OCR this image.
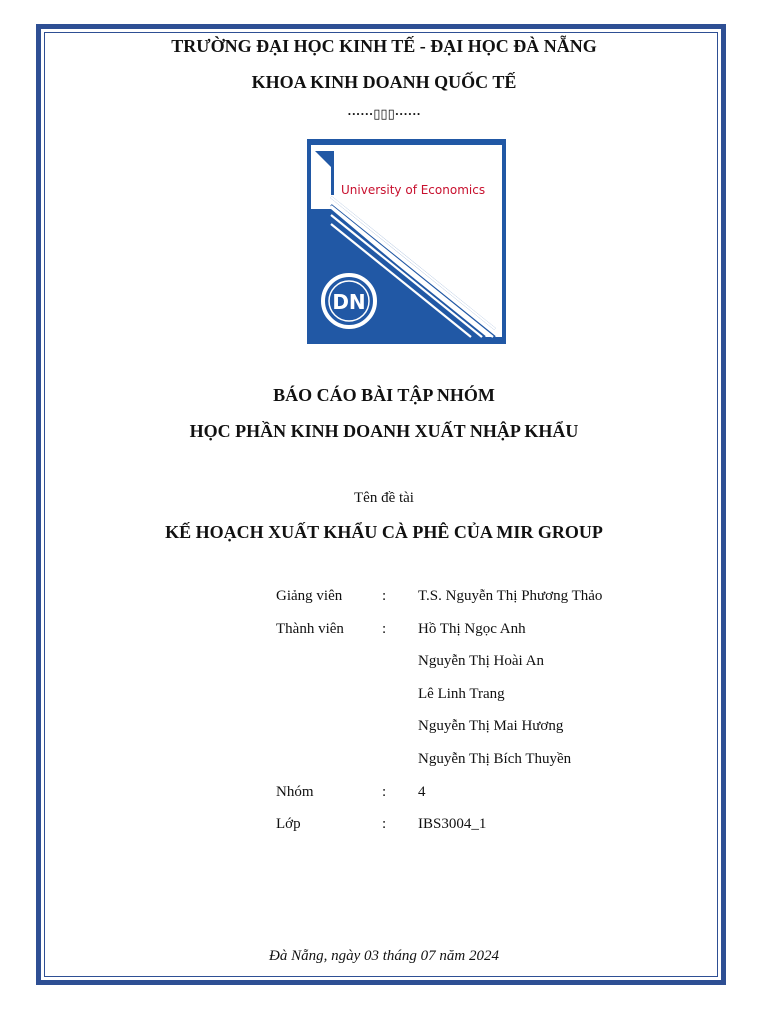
TRƯỜNG ĐẠI HỌC KINH TẾ - ĐẠI HỌC ĐÀ NẴNG
KHOA KINH DOANH QUỐC TẾ
······▯▯▯······
University of Economics
DN
BÁO CÁO BÀI TẬP NHÓM
HỌC PHẦN KINH DOANH XUẤT NHẬP KHẨU
Tên đề tài
KẾ HOẠCH XUẤT KHẨU CÀ PHÊ CỦA MIR GROUP
Giảng viên	: T.S. Nguyễn Thị Phương Thảo
Thành viên	: Hồ Thị Ngọc Anh
Nguyễn Thị Hoài An
Lê Linh Trang
Nguyễn Thị Mai Hương
Nguyễn Thị Bích Thuyền
Nhóm	: 4
Lớp	: IBS3004_1
Đà Nẵng, ngày 03 tháng 07 năm 2024
